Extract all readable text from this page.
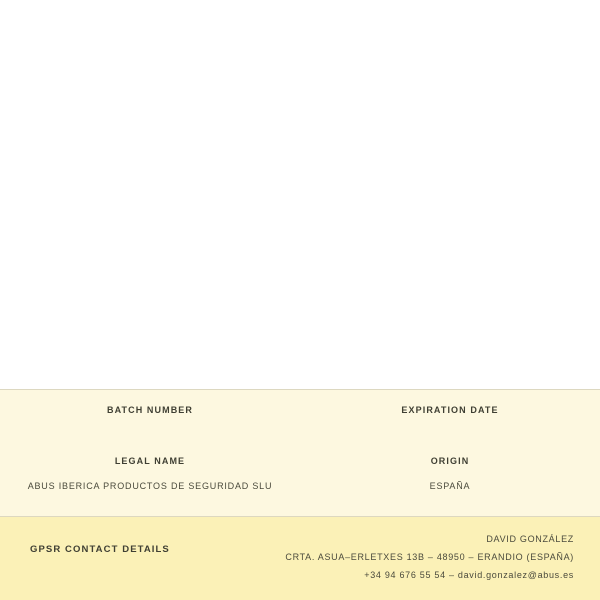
BATCH NUMBER	EXPIRATION DATE
LEGAL NAME
ABUS IBERICA PRODUCTOS DE SEGURIDAD SLU
ORIGIN
ESPAÑA
GPSR CONTACT DETAILS
DAVID GONZÁLEZ
CRTA. ASUA–ERLETXES 13B – 48950 – ERANDIO (ESPAÑA)
+34 94 676 55 54 – david.gonzalez@abus.es
